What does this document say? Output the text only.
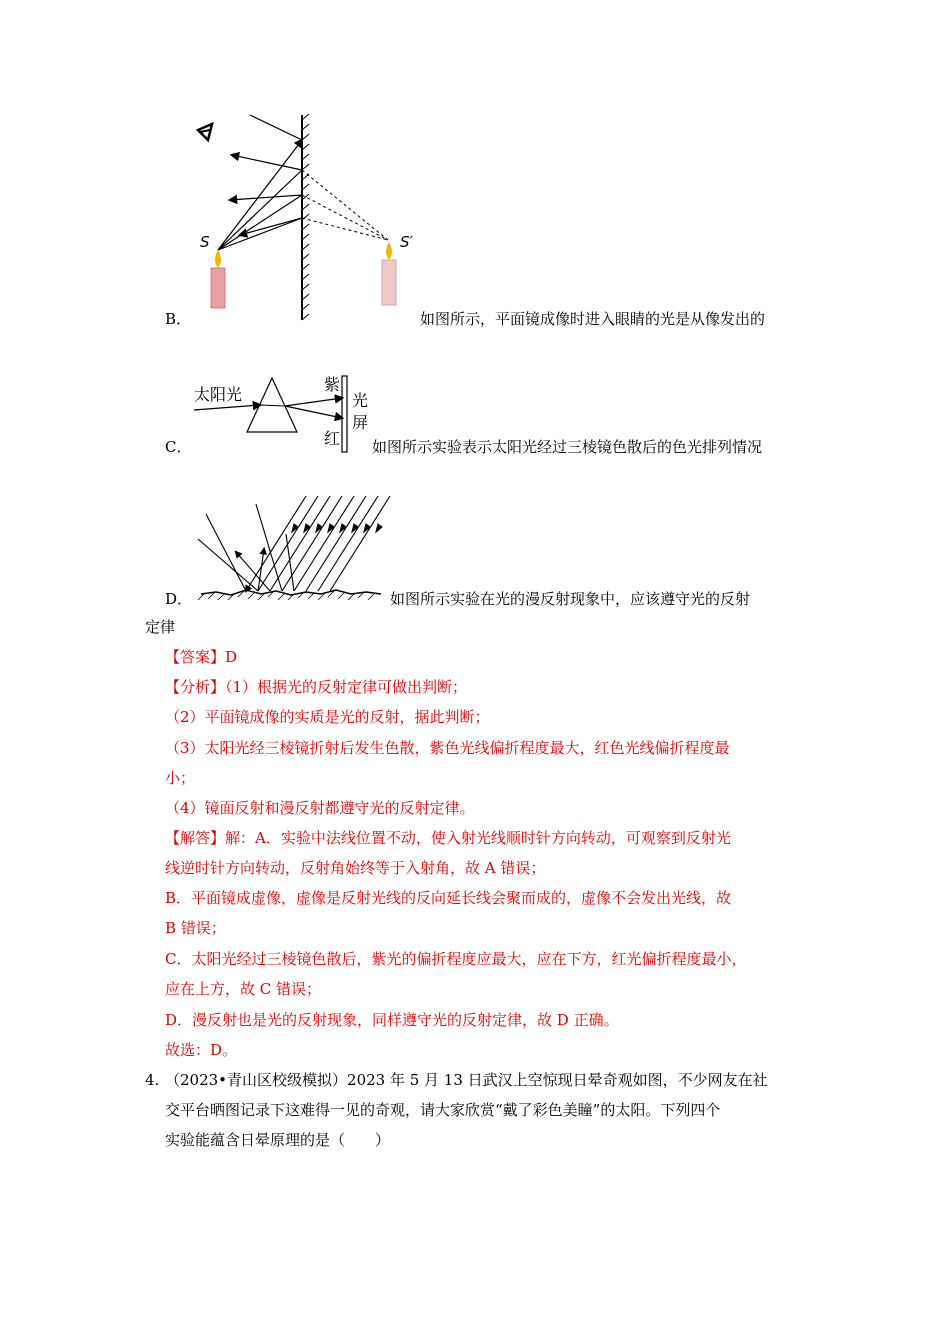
S	S′
B．	如图所示，平面镜成像时进入眼睛的光是从像发出的
太阳光
紫
红
光
屏
C．	如图所示实验表示太阳光经过三棱镜色散后的色光排列情况
D．	如图所示实验在光的漫反射现象中，应该遵守光的反射
定律
【答案】D
【分析】（1）根据光的反射定律可做出判断；
（2）平面镜成像的实质是光的反射，据此判断；
（3）太阳光经三棱镜折射后发生色散，紫色光线偏折程度最大，红色光线偏折程度最
小；
（4）镜面反射和漫反射都遵守光的反射定律。
【解答】解：A．实验中法线位置不动，使入射光线顺时针方向转动，可观察到反射光
线逆时针方向转动，反射角始终等于入射角，故 A 错误；
B．平面镜成虚像，虚像是反射光线的反向延长线会聚而成的，虚像不会发出光线，故
B 错误；
C．太阳光经过三棱镜色散后，紫光的偏折程度应最大，应在下方，红光偏折程度最小，
应在上方，故 C 错误；
D．漫反射也是光的反射现象，同样遵守光的反射定律，故 D 正确。
故选：D。
4. （2023•青山区校级模拟）2023 年 5 月 13 日武汉上空惊现日晕奇观如图，不少网友在社
交平台晒图记录下这难得一见的奇观，请大家欣赏“戴了彩色美瞳”的太阳。下列四个
实验能蕴含日晕原理的是（　　）
